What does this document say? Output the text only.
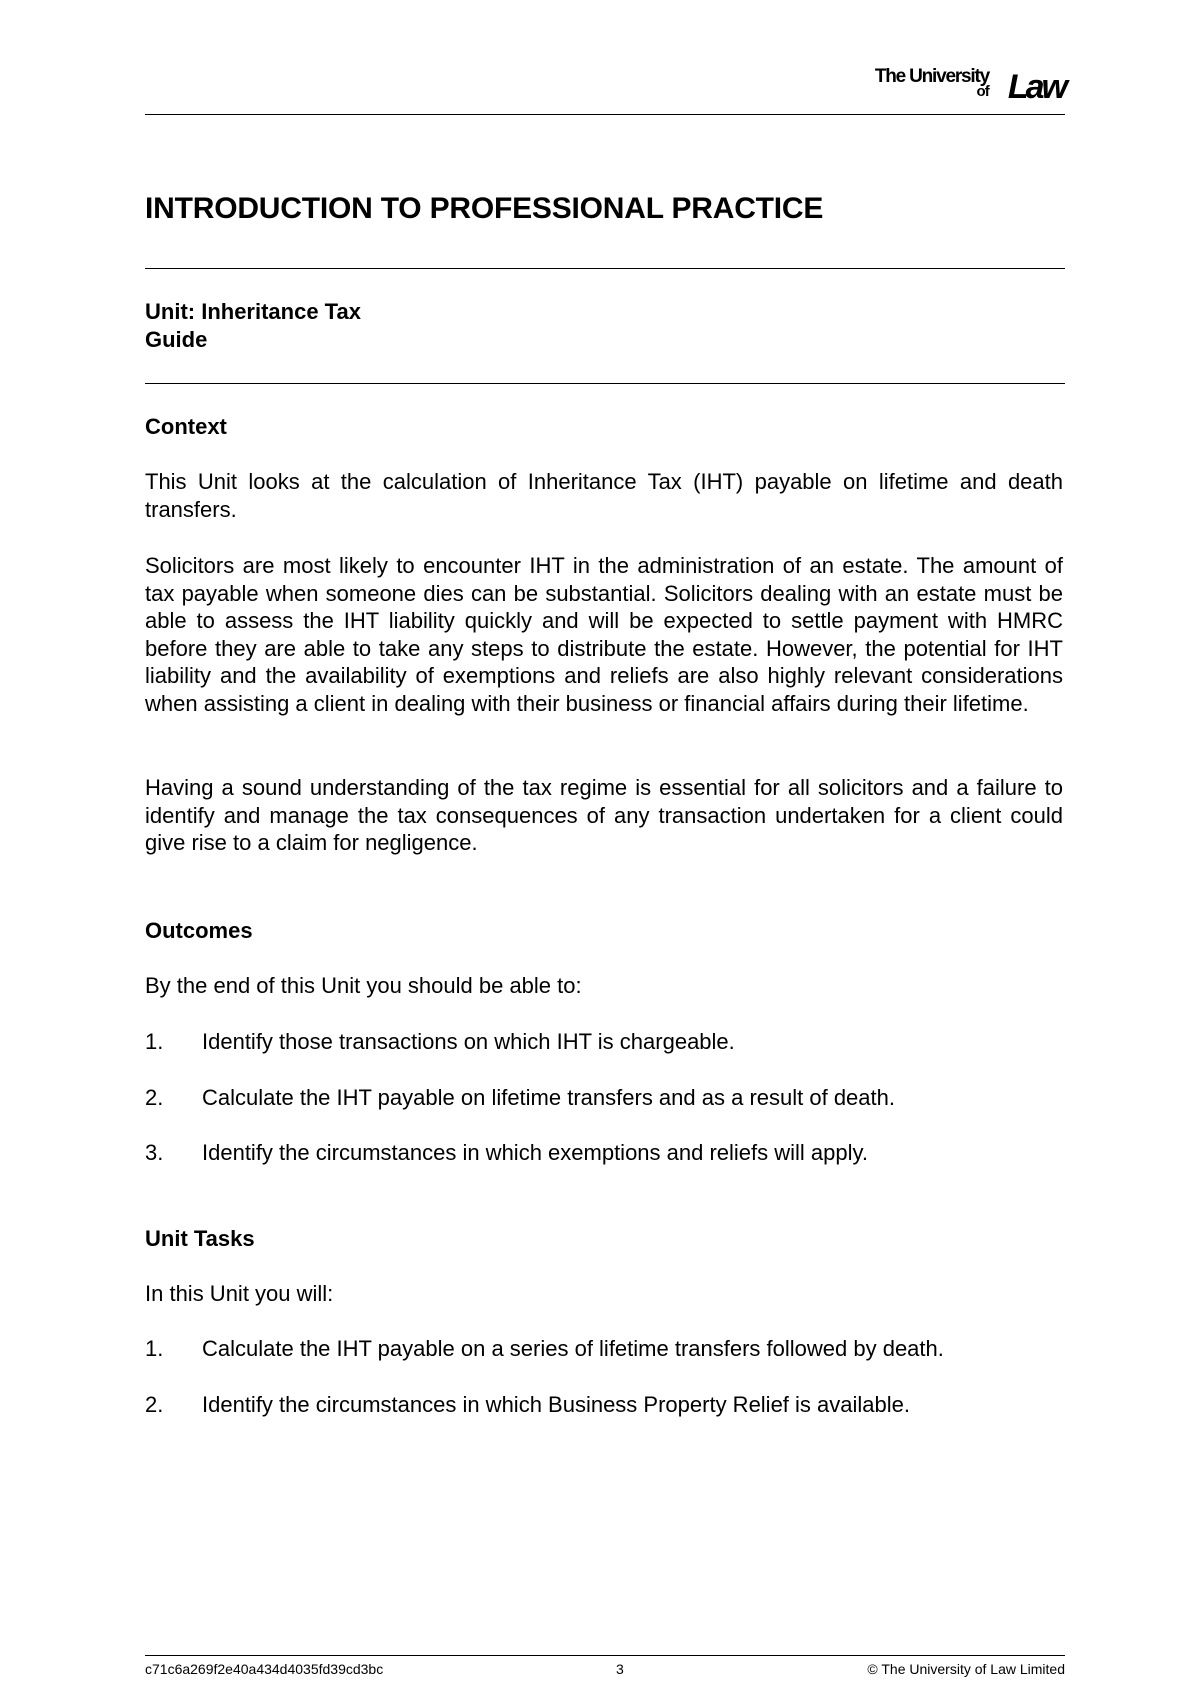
The University
of Law
INTRODUCTION TO PROFESSIONAL PRACTICE
Unit: Inheritance Tax
Guide
Context

This Unit looks at the calculation of Inheritance Tax (IHT) payable on lifetime and death transfers.

Solicitors are most likely to encounter IHT in the administration of an estate. The amount of tax payable when someone dies can be substantial. Solicitors dealing with an estate must be able to assess the IHT liability quickly and will be expected to settle payment with HMRC before they are able to take any steps to distribute the estate. However, the potential for IHT liability and the availability of exemptions and reliefs are also highly relevant considerations when assisting a client in dealing with their business or financial affairs during their lifetime.

Having a sound understanding of the tax regime is essential for all solicitors and a failure to identify and manage the tax consequences of any transaction undertaken for a client could give rise to a claim for negligence.

Outcomes
By the end of this Unit you should be able to:
1. Identify those transactions on which IHT is chargeable.
2. Calculate the IHT payable on lifetime transfers and as a result of death.
3. Identify the circumstances in which exemptions and reliefs will apply.
Unit Tasks
In this Unit you will:
1. Calculate the IHT payable on a series of lifetime transfers followed by death.
2. Identify the circumstances in which Business Property Relief is available.
c71c6a269f2e40a434d4035fd39cd3bc	3	© The University of Law Limited
